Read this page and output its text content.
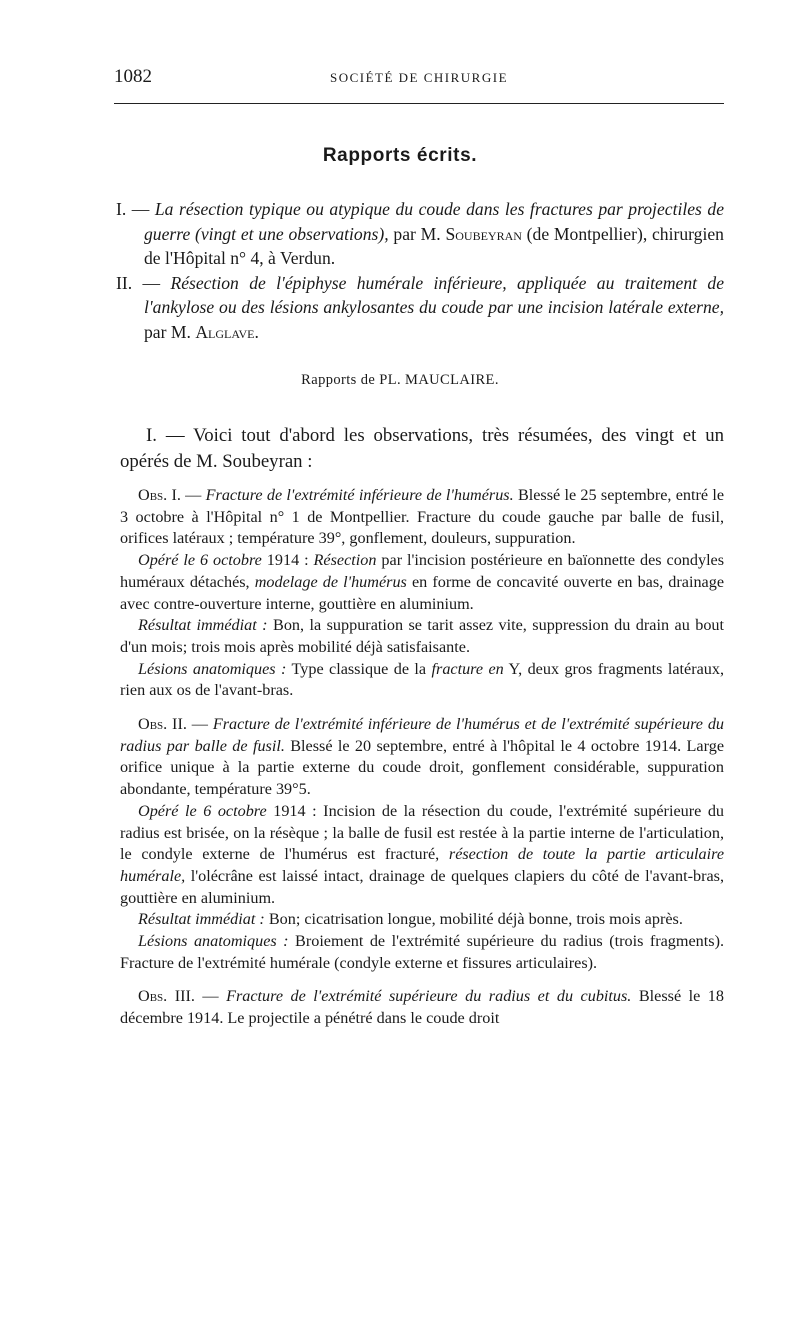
1082	SOCIÉTÉ DE CHIRURGIE
Rapports écrits.

I. — La résection typique ou atypique du coude dans les fractures par projectiles de guerre (vingt et une observations), par M. Soubeyran (de Montpellier), chirurgien de l'Hôpital n° 4, à Verdun.

II. — Résection de l'épiphyse humérale inférieure, appliquée au traitement de l'ankylose ou des lésions ankylosantes du coude par une incision latérale externe, par M. Alglave.

Rapports de PL. MAUCLAIRE.

I. — Voici tout d'abord les observations, très résumées, des vingt et un opérés de M. Soubeyran :

Obs. I. — Fracture de l'extrémité inférieure de l'humérus. Blessé le 25 septembre, entré le 3 octobre à l'Hôpital n° 1 de Montpellier. Fracture du coude gauche par balle de fusil, orifices latéraux ; température 39°, gonflement, douleurs, suppuration.

Opéré le 6 octobre 1914 : Résection par l'incision postérieure en baïonnette des condyles huméraux détachés, modelage de l'humérus en forme de concavité ouverte en bas, drainage avec contre-ouverture interne, gouttière en aluminium.

Résultat immédiat : Bon, la suppuration se tarit assez vite, suppression du drain au bout d'un mois; trois mois après mobilité déjà satisfaisante.

Lésions anatomiques : Type classique de la fracture en Y, deux gros fragments latéraux, rien aux os de l'avant-bras.

Obs. II. — Fracture de l'extrémité inférieure de l'humérus et de l'extrémité supérieure du radius par balle de fusil. Blessé le 20 septembre, entré à l'hôpital le 4 octobre 1914. Large orifice unique à la partie externe du coude droit, gonflement considérable, suppuration abondante, température 39°5.

Opéré le 6 octobre 1914 : Incision de la résection du coude, l'extrémité supérieure du radius est brisée, on la résèque ; la balle de fusil est restée à la partie interne de l'articulation, le condyle externe de l'humérus est fracturé, résection de toute la partie articulaire humérale, l'olécrâne est laissé intact, drainage de quelques clapiers du côté de l'avant-bras, gouttière en aluminium.

Résultat immédiat : Bon; cicatrisation longue, mobilité déjà bonne, trois mois après.

Lésions anatomiques : Broiement de l'extrémité supérieure du radius (trois fragments). Fracture de l'extrémité humérale (condyle externe et fissures articulaires).

Obs. III. — Fracture de l'extrémité supérieure du radius et du cubitus. Blessé le 18 décembre 1914. Le projectile a pénétré dans le coude droit
